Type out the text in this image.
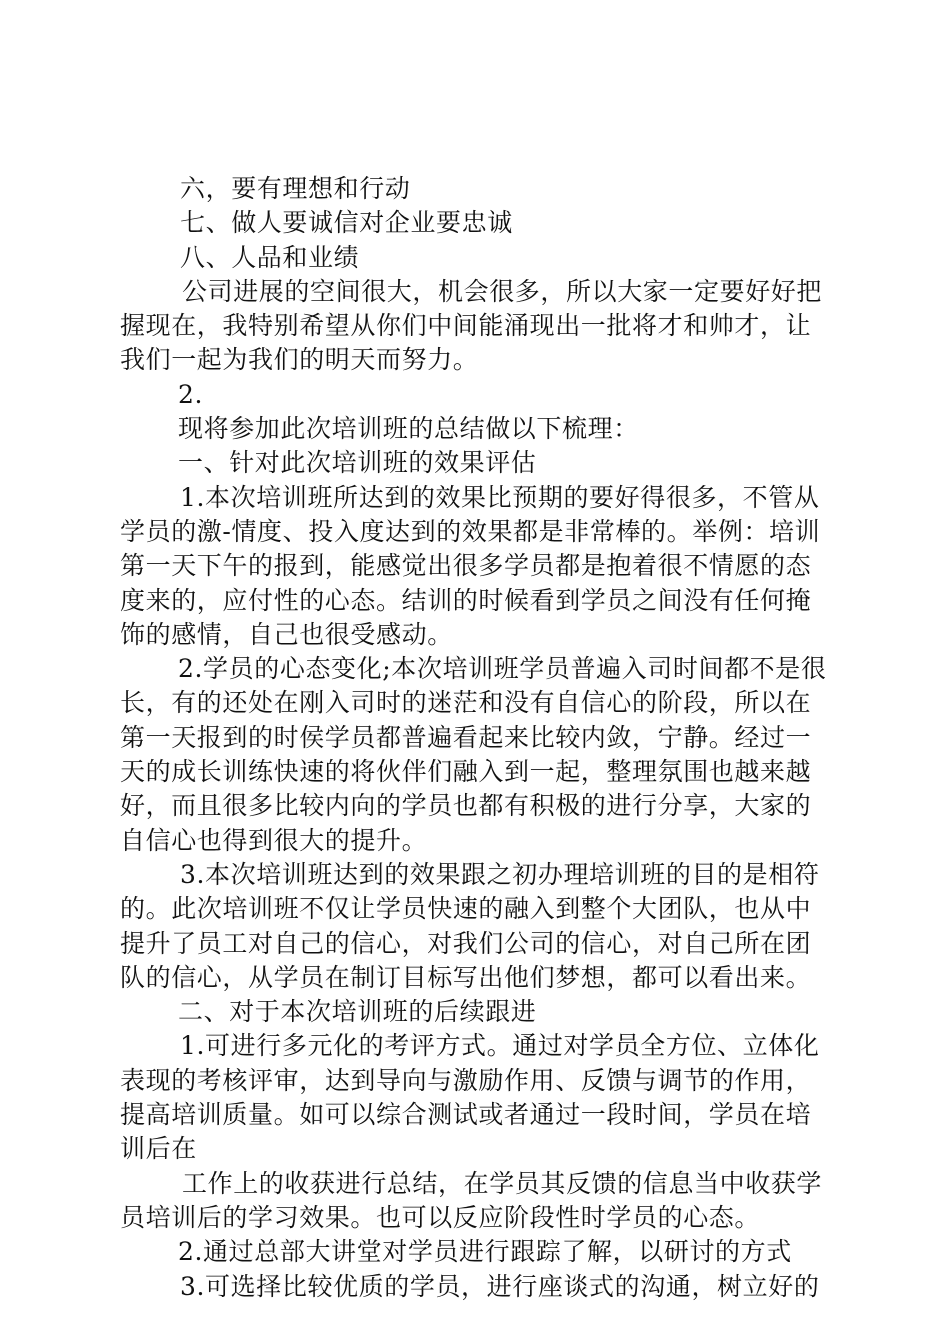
六，要有理想和行动
七、做人要诚信对企业要忠诚
八、人品和业绩
公司进展的空间很大，机会很多，所以大家一定要好好把
握现在，我特别希望从你们中间能涌现出一批将才和帅才，让
我们一起为我们的明天而努力。
2.
现将参加此次培训班的总结做以下梳理：
一、针对此次培训班的效果评估
1.本次培训班所达到的效果比预期的要好得很多，不管从
学员的激-情度、投入度达到的效果都是非常棒的。举例：培训
第一天下午的报到，能感觉出很多学员都是抱着很不情愿的态
度来的，应付性的心态。结训的时候看到学员之间没有任何掩
饰的感情，自己也很受感动。
2.学员的心态变化;本次培训班学员普遍入司时间都不是很
长，有的还处在刚入司时的迷茫和没有自信心的阶段，所以在
第一天报到的时侯学员都普遍看起来比较内敛，宁静。经过一
天的成长训练快速的将伙伴们融入到一起，整理氛围也越来越
好，而且很多比较内向的学员也都有积极的进行分享，大家的
自信心也得到很大的提升。
3.本次培训班达到的效果跟之初办理培训班的目的是相符
的。此次培训班不仅让学员快速的融入到整个大团队，也从中
提升了员工对自己的信心，对我们公司的信心，对自己所在团
队的信心，从学员在制订目标写出他们梦想，都可以看出来。
二、对于本次培训班的后续跟进
1.可进行多元化的考评方式。通过对学员全方位、立体化
表现的考核评审，达到导向与激励作用、反馈与调节的作用，
提高培训质量。如可以综合测试或者通过一段时间，学员在培
训后在
工作上的收获进行总结，在学员其反馈的信息当中收获学
员培训后的学习效果。也可以反应阶段性时学员的心态。
2.通过总部大讲堂对学员进行跟踪了解，以研讨的方式
3.可选择比较优质的学员，进行座谈式的沟通，树立好的
